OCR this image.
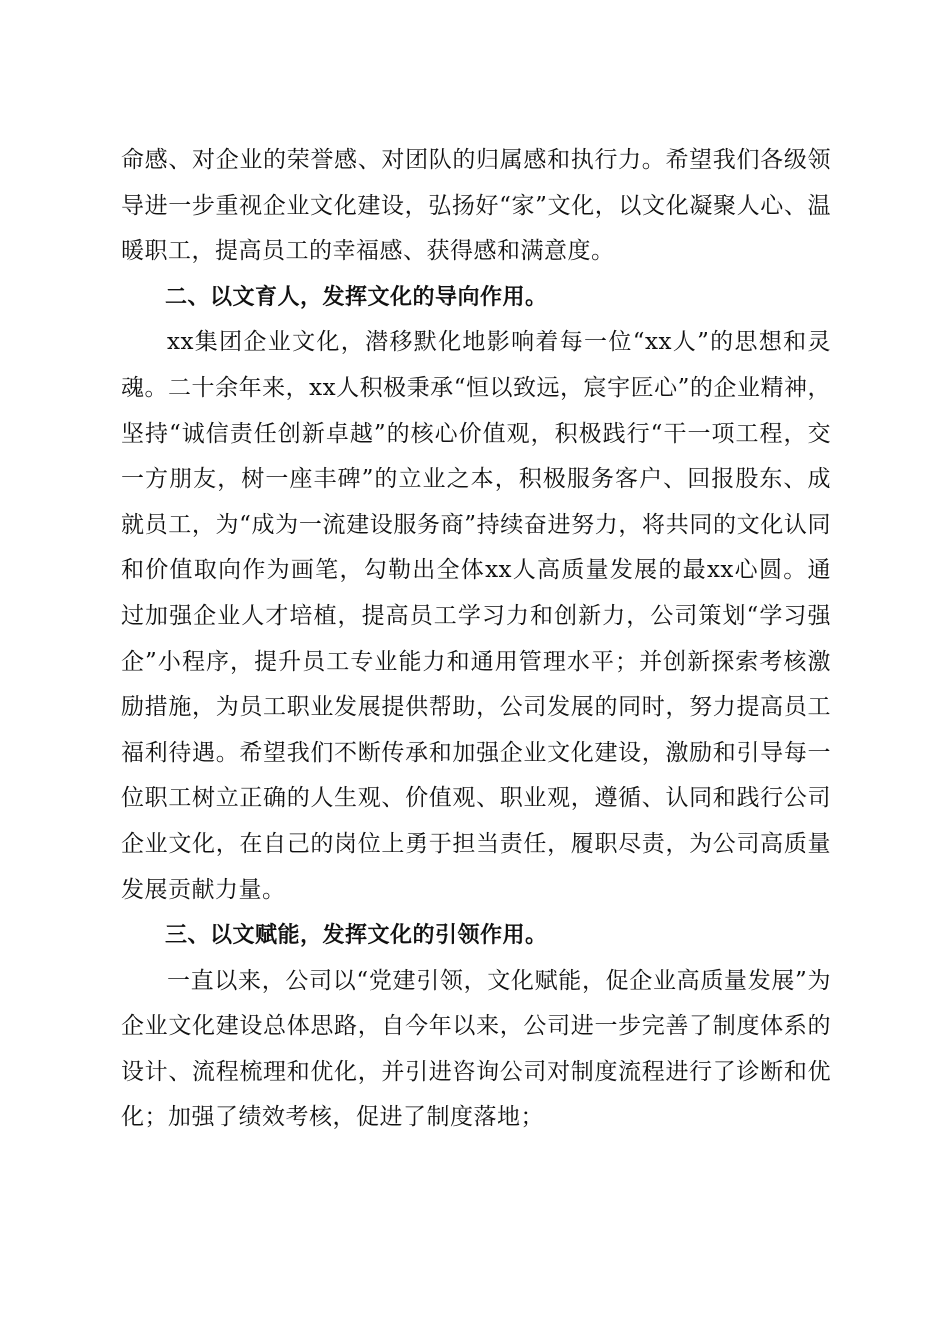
命感、对企业的荣誉感、对团队的归属感和执行力。希望我们各级领导进一步重视企业文化建设，弘扬好“家”文化，以文化凝聚人心、温暖职工，提高员工的幸福感、获得感和满意度。

二、以文育人，发挥文化的导向作用。

xx集团企业文化，潜移默化地影响着每一位“xx人”的思想和灵魂。二十余年来，xx人积极秉承“恒以致远，宸宇匠心”的企业精神，坚持“诚信责任创新卓越”的核心价值观，积极践行“干一项工程，交一方朋友，树一座丰碑”的立业之本，积极服务客户、回报股东、成就员工，为“成为一流建设服务商”持续奋进努力，将共同的文化认同和价值取向作为画笔，勾勒出全体xx人高质量发展的最xx心圆。通过加强企业人才培植，提高员工学习力和创新力，公司策划“学习强企”小程序，提升员工专业能力和通用管理水平；并创新探索考核激励措施，为员工职业发展提供帮助，公司发展的同时，努力提高员工福利待遇。希望我们不断传承和加强企业文化建设，激励和引导每一位职工树立正确的人生观、价值观、职业观，遵循、认同和践行公司企业文化，在自己的岗位上勇于担当责任，履职尽责，为公司高质量发展贡献力量。

三、以文赋能，发挥文化的引领作用。

一直以来，公司以“党建引领，文化赋能，促企业高质量发展”为企业文化建设总体思路，自今年以来，公司进一步完善了制度体系的设计、流程梳理和优化，并引进咨询公司对制度流程进行了诊断和优化；加强了绩效考核，促进了制度落地；
